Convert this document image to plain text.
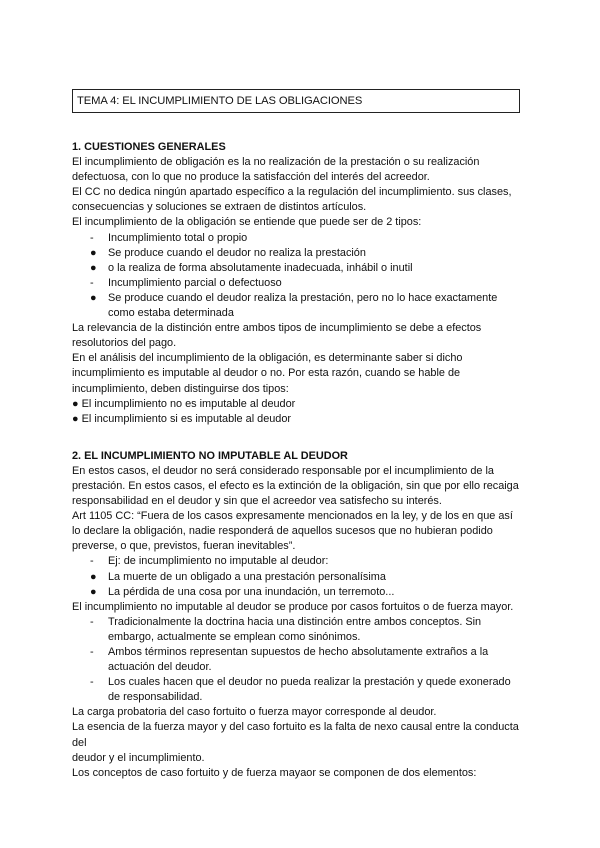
TEMA 4: EL INCUMPLIMIENTO DE LAS OBLIGACIONES

1. CUESTIONES GENERALES

El incumplimiento de obligación es la no realización de la prestación o su realización

defectuosa, con lo que no produce la satisfacción del interés del acreedor.

El CC no dedica ningún apartado específico a la regulación del incumplimiento. sus clases,

consecuencias y soluciones se extraen de distintos artículos.

El incumplimiento de la obligación se entiende que puede ser de 2 tipos:

- Incumplimiento total o propio

● Se produce cuando el deudor no realiza la prestación

● o la realiza de forma absolutamente inadecuada, inhábil o inutil

- Incumplimiento parcial o defectuoso

● Se produce cuando el deudor realiza la prestación, pero no lo hace exactamente

como estaba determinada

La relevancia de la distinción entre ambos tipos de incumplimiento se debe a efectos

resolutorios del pago.

En el análisis del incumplimiento de la obligación, es determinante saber si dicho

incumplimiento es imputable al deudor o no. Por esta razón, cuando se hable de

incumplimiento, deben distinguirse dos tipos:

● El incumplimiento no es imputable al deudor

● El incumplimiento si es imputable al deudor

2. EL INCUMPLIMIENTO NO IMPUTABLE AL DEUDOR

En estos casos, el deudor no será considerado responsable por el incumplimiento de la

prestación. En estos casos, el efecto es la extinción de la obligación, sin que por ello recaiga

responsabilidad en el deudor y sin que el acreedor vea satisfecho su interés.

Art 1105 CC: “Fuera de los casos expresamente mencionados en la ley, y de los en que así

lo declare la obligación, nadie responderá de aquellos sucesos que no hubieran podido

preverse, o que, previstos, fueran inevitables”.

- Ej: de incumplimiento no imputable al deudor:

● La muerte de un obligado a una prestación personalísima

● La pérdida de una cosa por una inundación, un terremoto...

El incumplimiento no imputable al deudor se produce por casos fortuitos o de fuerza mayor.

- Tradicionalmente la doctrina hacia una distinción entre ambos conceptos. Sin

embargo, actualmente se emplean como sinónimos.

- Ambos términos representan supuestos de hecho absolutamente extraños a la

actuación del deudor.

- Los cuales hacen que el deudor no pueda realizar la prestación y quede exonerado

de responsabilidad.

La carga probatoria del caso fortuito o fuerza mayor corresponde al deudor.

La esencia de la fuerza mayor y del caso fortuito es la falta de nexo causal entre la conducta

del

deudor y el incumplimiento.

Los conceptos de caso fortuito y de fuerza mayaor se componen de dos elementos:
